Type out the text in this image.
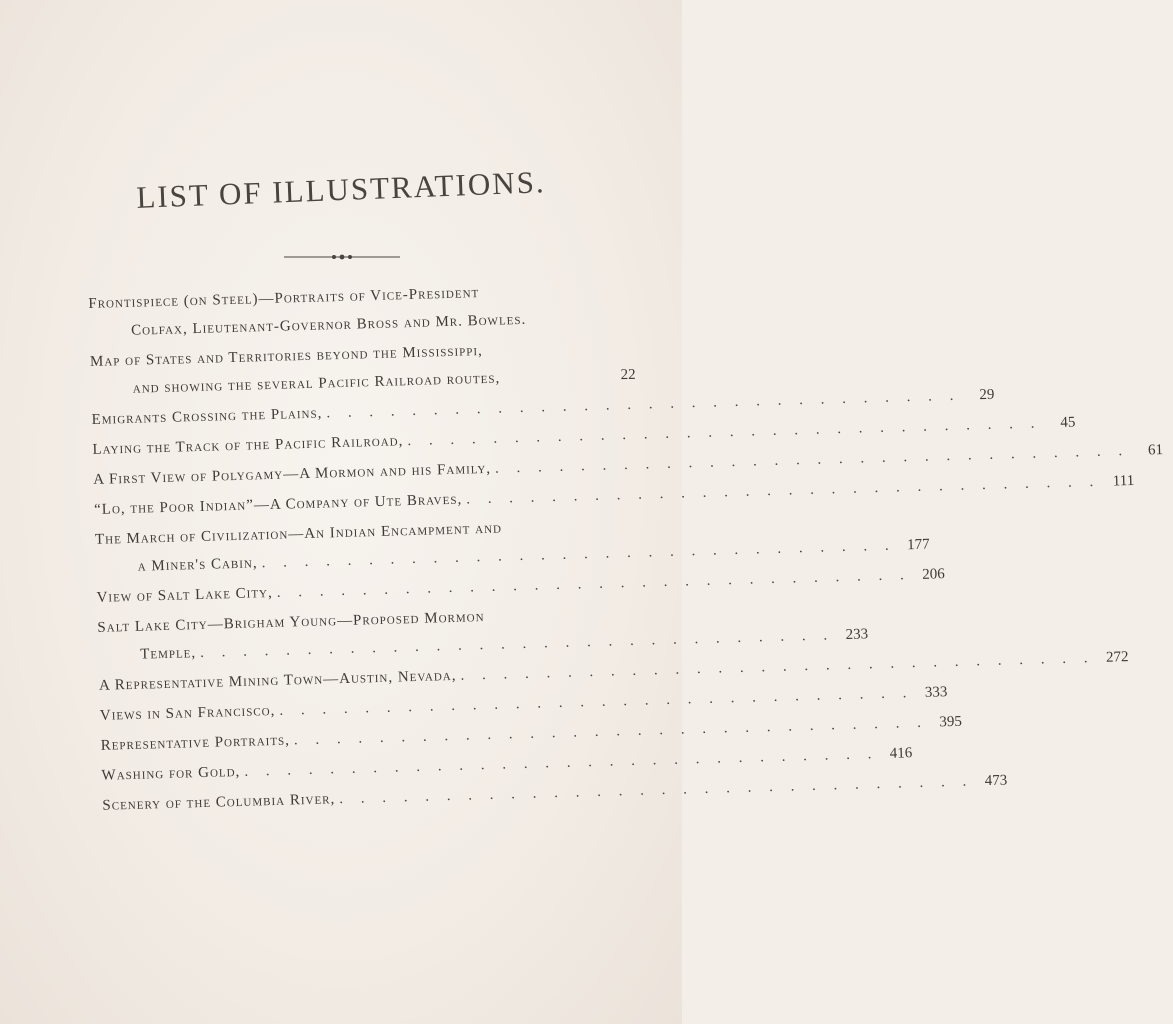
LIST OF ILLUSTRATIONS.
Frontispiece (on Steel)—Portraits of Vice-President
Colfax, Lieutenant-Governor Bross and Mr. Bowles.
Map of States and Territories beyond the Mississippi,
and showing the several Pacific Railroad routes,	22
Emigrants Crossing the Plains, . . . . . . . . . . . . . . . . . . . . . . . . . . . . . .	29
Laying the Track of the Pacific Railroad, . . . . . . . . . . . . . . . . . . . . . . . . . . . . . .	45
A First View of Polygamy—A Mormon and his Family, . . . . . . . . . . . . . . . . . . . . . . . . . . . . . .	61
“Lo, the Poor Indian”—A Company of Ute Braves, . . . . . . . . . . . . . . . . . . . . . . . . . . . . . . 111
The March of Civilization—An Indian Encampment and
a Miner's Cabin, . . . . . . . . . . . . . . . . . . . . . . . . . . . . . . 177
View of Salt Lake City, . . . . . . . . . . . . . . . . . . . . . . . . . . . . . . 206
Salt Lake City—Brigham Young—Proposed Mormon
Temple, . . . . . . . . . . . . . . . . . . . . . . . . . . . . . . 233
A Representative Mining Town—Austin, Nevada, . . . . . . . . . . . . . . . . . . . . . . . . . . . . . . 272
Views in San Francisco, . . . . . . . . . . . . . . . . . . . . . . . . . . . . . . 333
Representative Portraits, . . . . . . . . . . . . . . . . . . . . . . . . . . . . . . 395
Washing for Gold, . . . . . . . . . . . . . . . . . . . . . . . . . . . . . . 416
Scenery of the Columbia River, . . . . . . . . . . . . . . . . . . . . . . . . . . . . . . 473
